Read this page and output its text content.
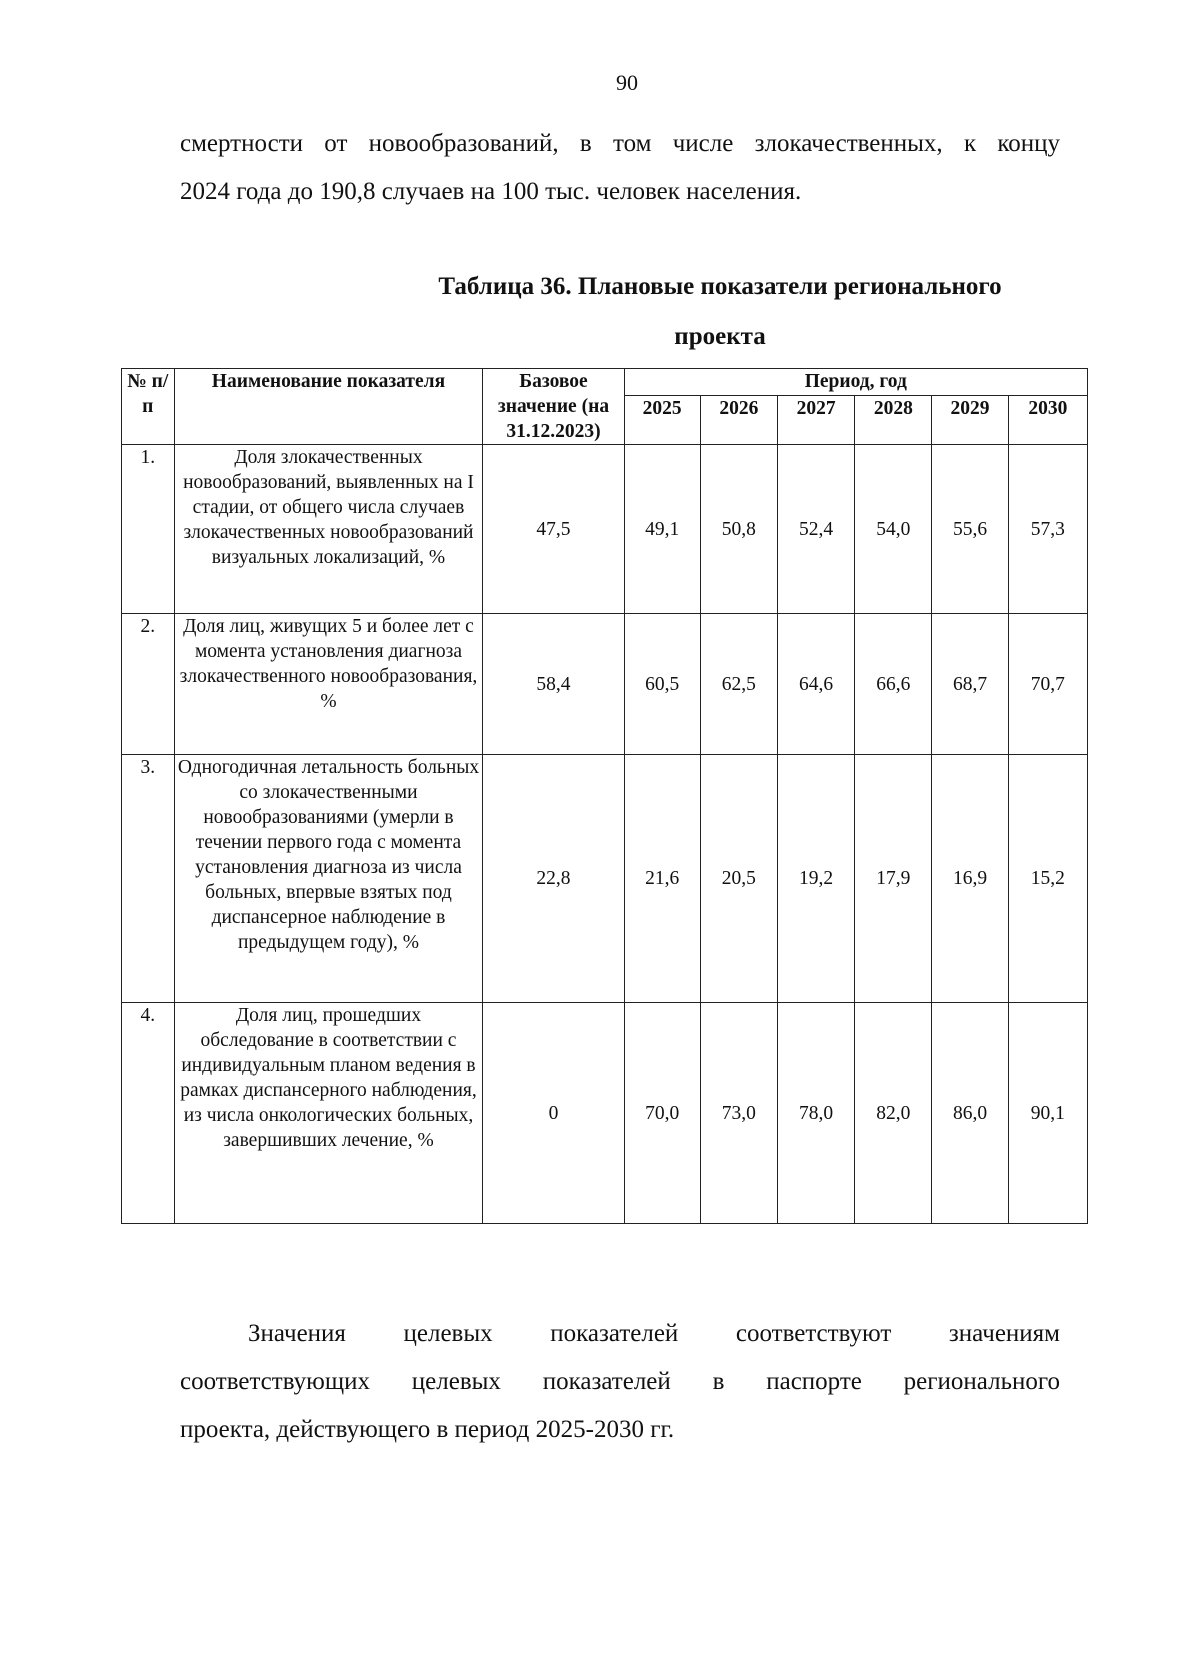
90

смертности от новообразований, в том числе злокачественных, к концу
2024 года до 190,8 случаев на 100 тыс. человек населения.

Таблица 36. Плановые показатели регионального
проекта
№ п/п	Наименование показателя	Базовое значение (на 31.12.2023)	Период, год					
			2025	2026	2027	2028	2029	2030
1.	Доля злокачественных новообразований, выявленных на I стадии, от общего числа случаев злокачественных новообразований визуальных локализаций, %	47,5	49,1	50,8	52,4	54,0	55,6	57,3
2.	Доля лиц, живущих 5 и более лет с момента установления диагноза злокачественного новообразования, %	58,4	60,5	62,5	64,6	66,6	68,7	70,7
3.	Одногодичная летальность больных со злокачественными новообразованиями (умерли в течении первого года с момента установления диагноза из числа больных, впервые взятых под диспансерное наблюдение в предыдущем году), %	22,8	21,6	20,5	19,2	17,9	16,9	15,2
4.	Доля лиц, прошедших обследование в соответствии с индивидуальным планом ведения в рамках диспансерного наблюдения, из числа онкологических больных, завершивших лечение, %	0	70,0	73,0	78,0	82,0	86,0	90,1

Значения целевых показателей соответствуют значениям
соответствующих целевых показателей в паспорте регионального
проекта, действующего в период 2025-2030 гг.
